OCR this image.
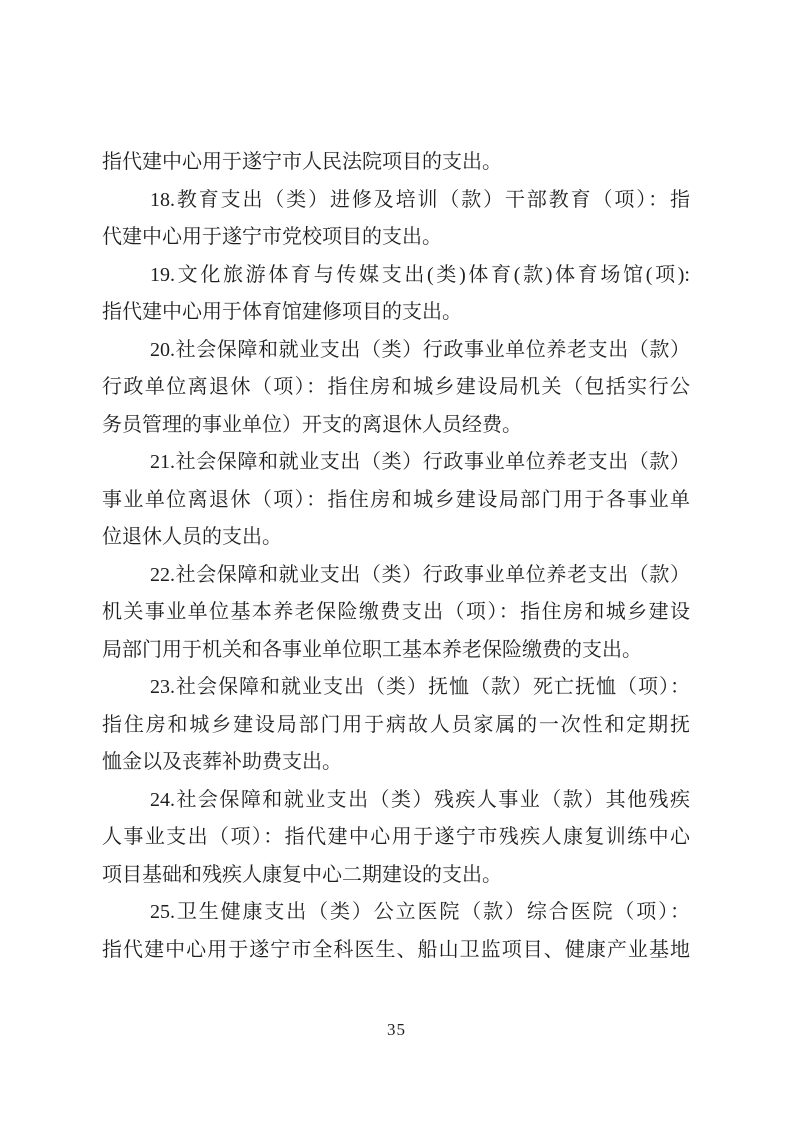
指代建中心用于遂宁市人民法院项目的支出。
18.教育支出（类）进修及培训（款）干部教育（项）：指
代建中心用于遂宁市党校项目的支出。
19.文化旅游体育与传媒支出(类)体育(款)体育场馆(项):
指代建中心用于体育馆建修项目的支出。
20.社会保障和就业支出（类）行政事业单位养老支出（款）
行政单位离退休（项）：指住房和城乡建设局机关（包括实行公
务员管理的事业单位）开支的离退休人员经费。
21.社会保障和就业支出（类）行政事业单位养老支出（款）
事业单位离退休（项）：指住房和城乡建设局部门用于各事业单
位退休人员的支出。
22.社会保障和就业支出（类）行政事业单位养老支出（款）
机关事业单位基本养老保险缴费支出（项）：指住房和城乡建设
局部门用于机关和各事业单位职工基本养老保险缴费的支出。
23.社会保障和就业支出（类）抚恤（款）死亡抚恤（项）：
指住房和城乡建设局部门用于病故人员家属的一次性和定期抚
恤金以及丧葬补助费支出。
24.社会保障和就业支出（类）残疾人事业（款）其他残疾
人事业支出（项）：指代建中心用于遂宁市残疾人康复训练中心
项目基础和残疾人康复中心二期建设的支出。
25.卫生健康支出（类）公立医院（款）综合医院（项）：
指代建中心用于遂宁市全科医生、船山卫监项目、健康产业基地
35
